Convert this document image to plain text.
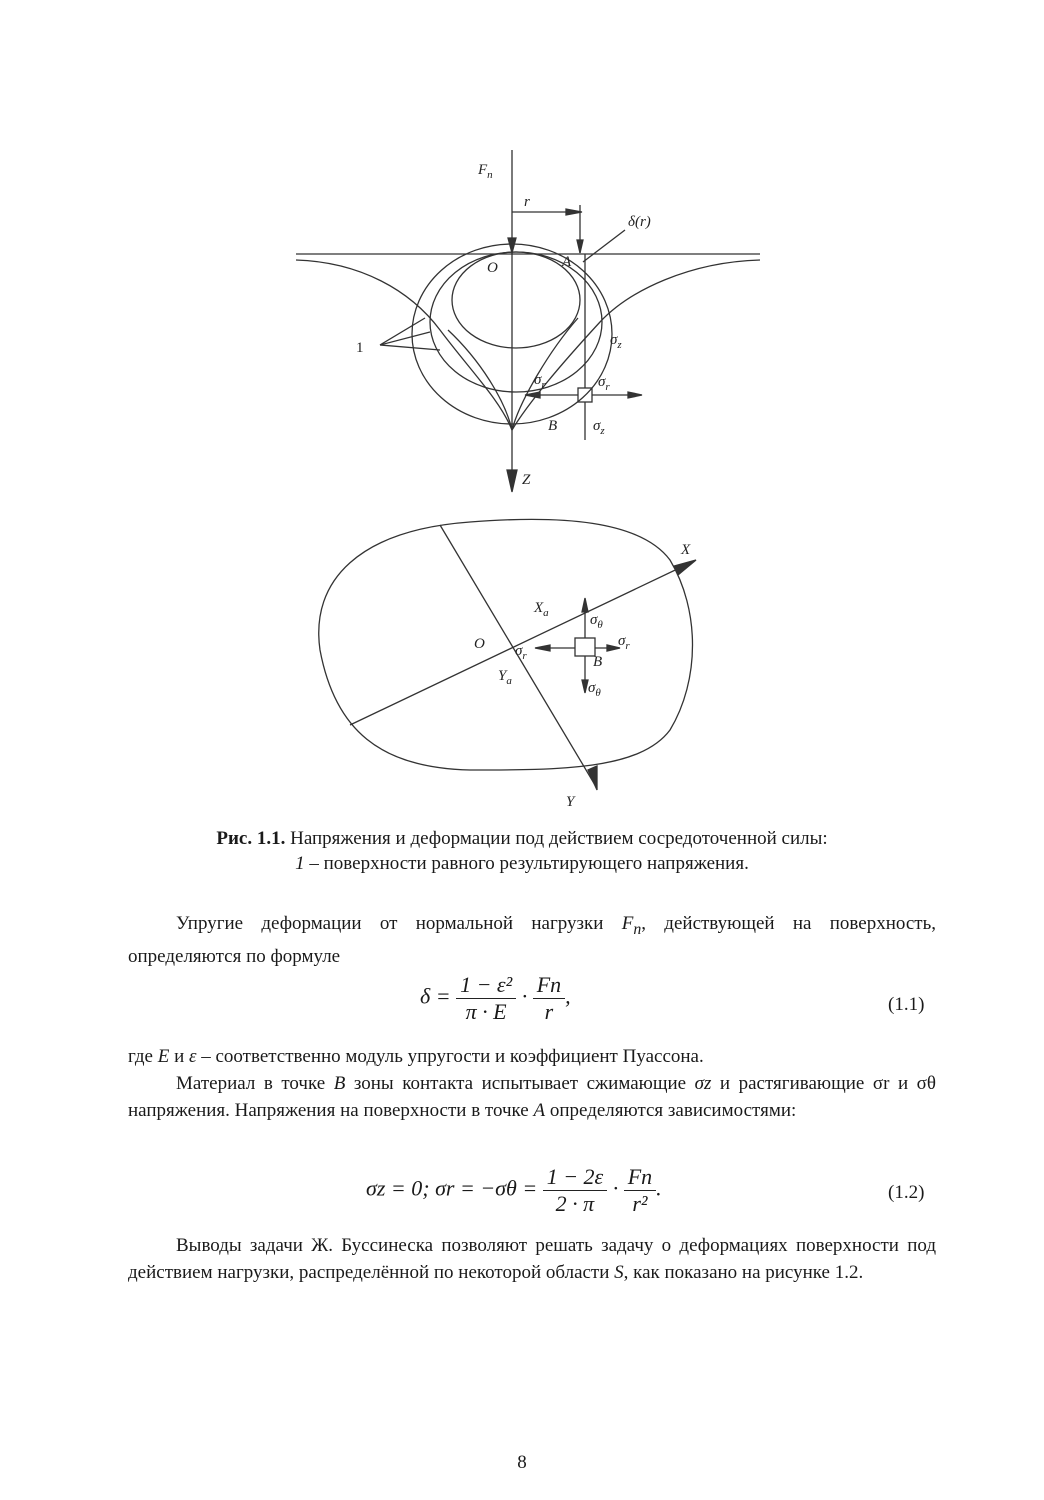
$F_n$
r
δ(r)
O	A
1	$\sigma_z$
$\sigma_r$	$\sigma_r$
B $\sigma_z$
Z
X
$X_a$	$\sigma_\theta$
O	$\sigma_r$
$\sigma_r$	B
$Y_a$	$\sigma_\theta$
Y
Рис. 1.1. Напряжения и деформации под действием сосредоточенной силы:
1 – поверхности равного результирующего напряжения.
Упругие деформации от нормальной нагрузки $F_n$, действующей на поверхность, определяются по формуле
$\delta = \frac{\text{1 − ε²}}{\pi \cdot E} \cdot \frac{Fn}{r}$ ,	(1.1)
где E и ε – соответственно модуль упругости и коэффициент Пуассона.
Материал в точке B зоны контакта испытывает сжимающие σz и растягивающие σr и σθ напряжения. Напряжения на поверхности в точке A определяются зависимостями:
σz = 0; $\sigma r = -\sigma\theta = \frac{1 - 2\varepsilon}{2 \cdot \pi} \cdot \frac{Fn}{\text{r²}}$ .	(1.2)
Выводы задачи Ж. Буссинеска позволяют решать задачу о деформациях поверхности под действием нагрузки, распределённой по некоторой области S, как показано на рисунке 1.2.
8
